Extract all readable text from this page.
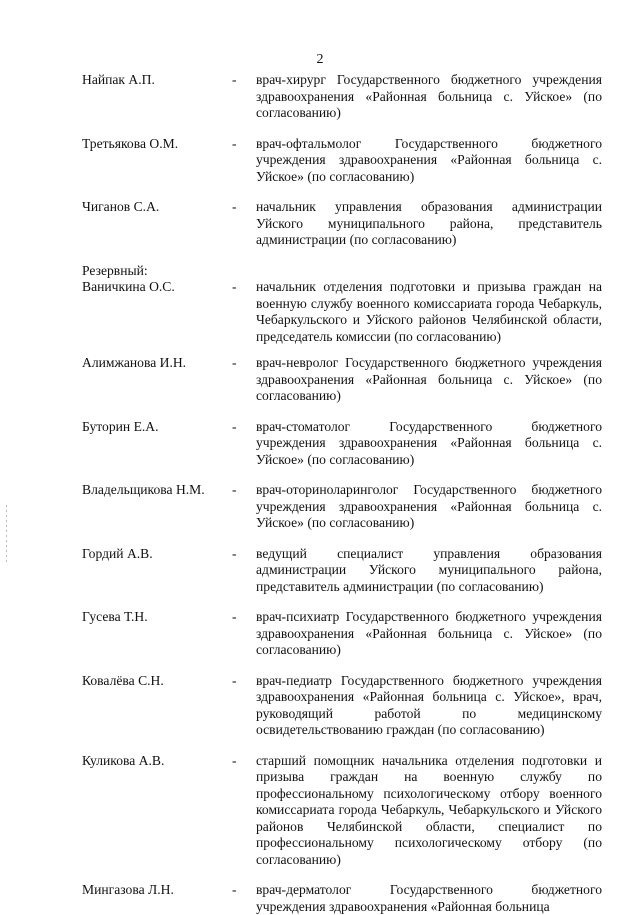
2
Найпак А.П.	-	врач-хирург Государственного бюджетного учреждения здравоохранения «Районная больница с. Уйское» (по согласованию)
Третьякова О.М.	-	врач-офтальмолог Государственного бюджетного учреждения здравоохранения «Районная больница с. Уйское» (по согласованию)
Чиганов С.А.	-	начальник управления образования администрации Уйского муниципального района, представитель администрации (по согласованию)
Резервный:
Ваничкина О.С.	-	начальник отделения подготовки и призыва граждан на военную службу военного комиссариата города Чебаркуль, Чебаркульского и Уйского районов Челябинской области, председатель комиссии (по согласованию)
Алимжанова И.Н.	-	врач-невролог Государственного бюджетного учреждения здравоохранения «Районная больница с. Уйское» (по согласованию)
Буторин Е.А.	-	врач-стоматолог Государственного бюджетного учреждения здравоохранения «Районная больница с. Уйское» (по согласованию)
Владельщикова Н.М.	-	врач-оториноларинголог Государственного бюджетного учреждения здравоохранения «Районная больница с. Уйское» (по согласованию)
Гордий А.В.	-	ведущий специалист управления образования администрации Уйского муниципального района, представитель администрации (по согласованию)
Гусева Т.Н.	-	врач-психиатр Государственного бюджетного учреждения здравоохранения «Районная больница с. Уйское» (по согласованию)
Ковалёва С.Н.	-	врач-педиатр Государственного бюджетного учреждения здравоохранения «Районная больница с. Уйское», врач, руководящий работой по медицинскому освидетельствованию граждан (по согласованию)
Куликова А.В.	-	старший помощник начальника отделения подготовки и призыва граждан на военную службу по профессиональному психологическому отбору военного комиссариата города Чебаркуль, Чебаркульского и Уйского районов Челябинской области, специалист по профессиональному психологическому отбору (по согласованию)
Мингазова Л.Н.	-	врач-дерматолог Государственного бюджетного учреждения здравоохранения «Районная больница
